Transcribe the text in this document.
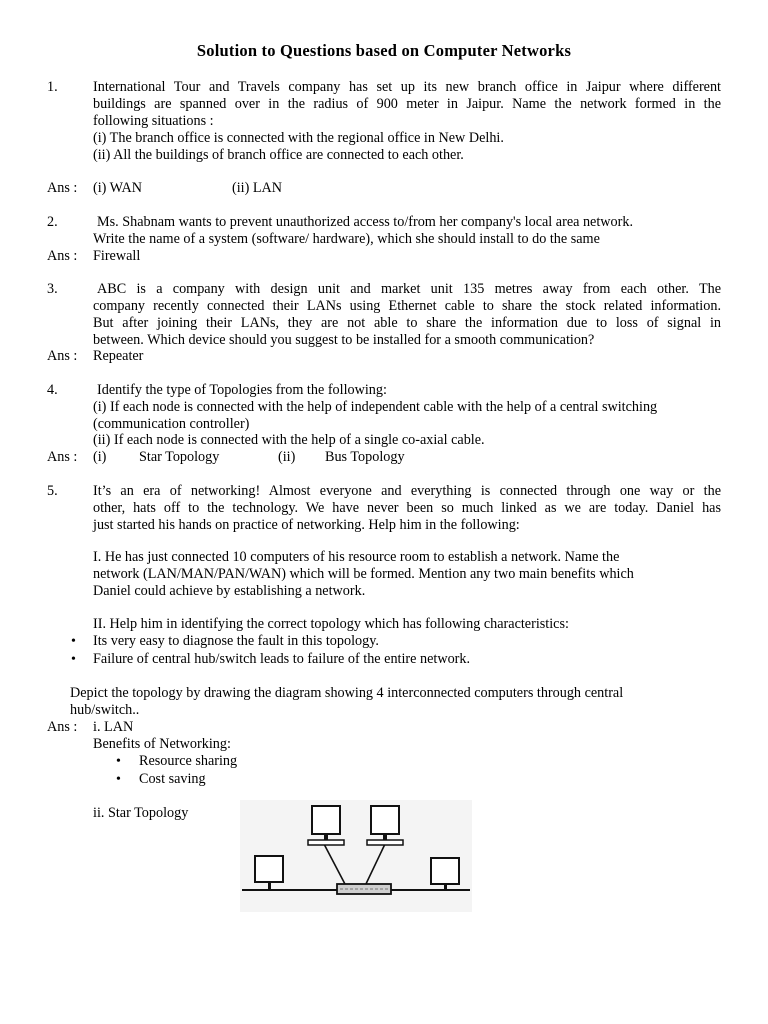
Solution to Questions based on Computer Networks
1. International Tour and Travels company has set up its new branch office in Jaipur where different
buildings are spanned over in the radius of 900 meter in Jaipur. Name the network formed in the
following situations :
(i) The branch office is connected with the regional office in New Delhi.
(ii) All the buildings of branch office are connected to each other.
Ans : (i) WAN	(ii) LAN
2.	Ms. Shabnam wants to prevent unauthorized access to/from her company's local area network.
Write the name of a system (software/ hardware), which she should install to do the same
Ans : Firewall
3.	ABC is a company with design unit and market unit 135 metres away from each other. The
company recently connected their LANs using Ethernet cable to share the stock related information.
But after joining their LANs, they are not able to share the information due to loss of signal in
between. Which device should you suggest to be installed for a smooth communication?
Ans : Repeater
4.	Identify the type of Topologies from the following:
(i) If each node is connected with the help of independent cable with the help of a central switching
(communication controller)
(ii) If each node is connected with the help of a single co-axial cable.
Ans : (i) Star Topology	(ii) Bus Topology
5. It’s an era of networking! Almost everyone and everything is connected through one way or the
other, hats off to the technology. We have never been so much linked as we are today. Daniel has
just started his hands on practice of networking. Help him in the following:
I. He has just connected 10 computers of his resource room to establish a network. Name the
network (LAN/MAN/PAN/WAN) which will be formed. Mention any two main benefits which
Daniel could achieve by establishing a network.
II. Help him in identifying the correct topology which has following characteristics:
• Its very easy to diagnose the fault in this topology.
• Failure of central hub/switch leads to failure of the entire network.
Depict the topology by drawing the diagram showing 4 interconnected computers through central
hub/switch..
Ans : i. LAN
Benefits of Networking:
• Resource sharing
• Cost saving
ii. Star Topology
